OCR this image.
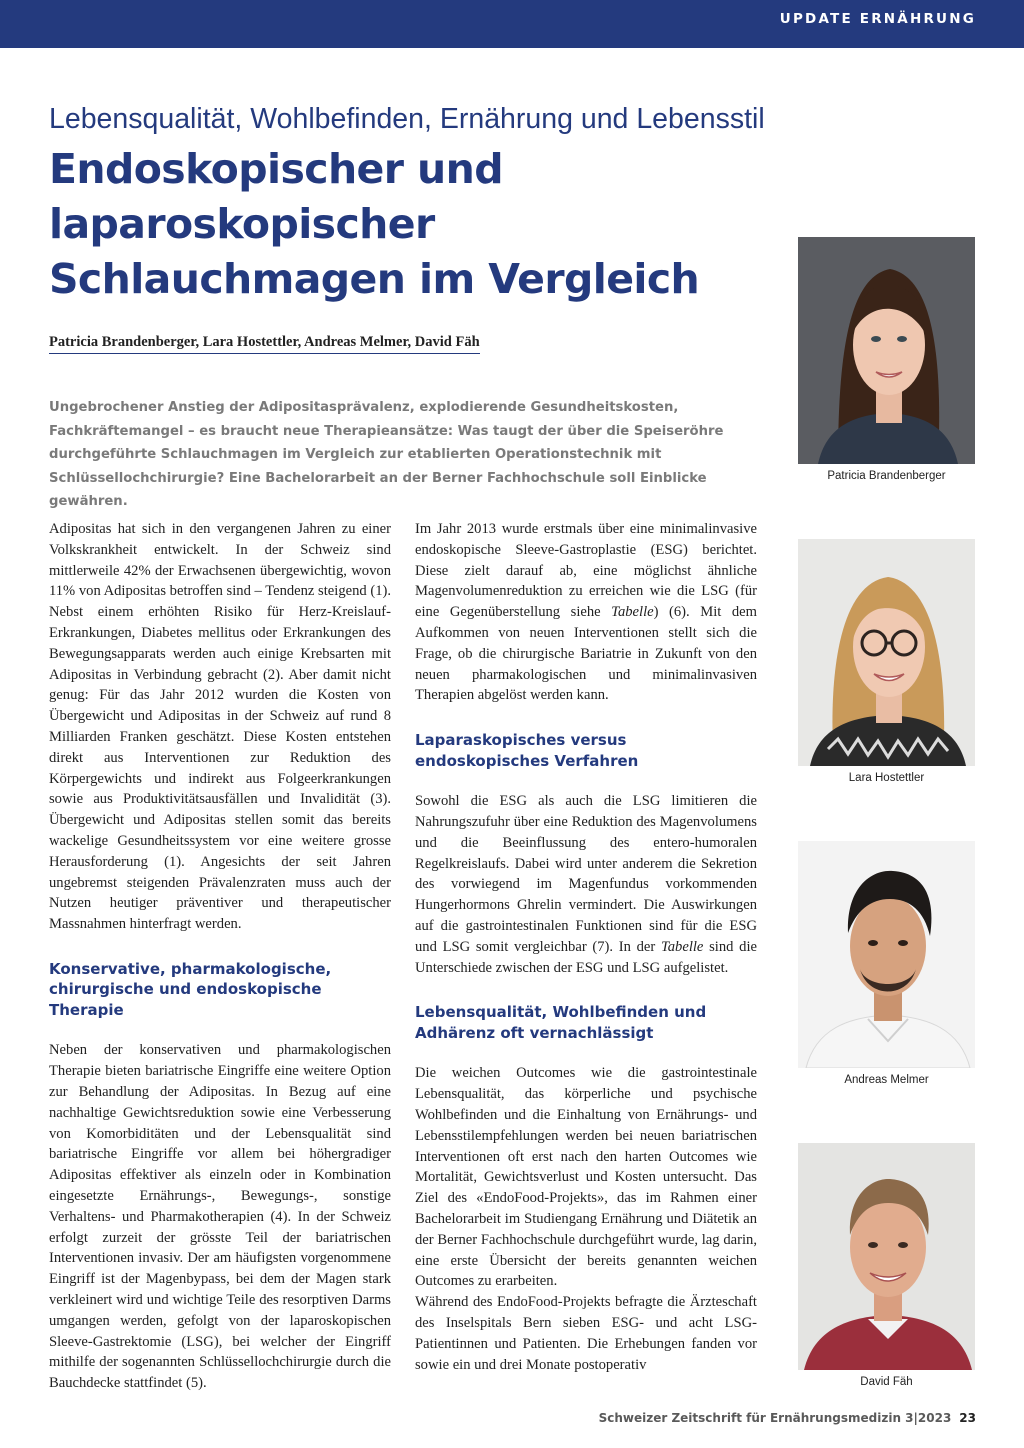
UPDATE ERNÄHRUNG
Lebensqualität, Wohlbefinden, Ernährung und Lebensstil
Endoskopischer und laparoskopischer
Schlauchmagen im Vergleich
Patricia Brandenberger, Lara Hostettler, Andreas Melmer, David Fäh

Ungebrochener Anstieg der Adipositasprävalenz, explodierende Gesundheitskosten, Fachkräftemangel – es braucht neue Therapieansätze: Was taugt der über die Speiseröhre durchgeführte Schlauchmagen im Vergleich zur etablierten Operationstechnik mit Schlüssellochchirurgie? Eine Bachelorarbeit an der Berner Fachhochschule soll Einblicke gewähren.

Adipositas hat sich in den vergangenen Jahren zu einer Volkskrankheit entwickelt. In der Schweiz sind mittlerweile 42% der Erwachsenen übergewichtig, wovon 11% von Adipositas betroffen sind – Tendenz steigend (1). Nebst einem erhöhten Risiko für Herz-Kreislauf-Erkrankungen, Diabetes mellitus oder Erkrankungen des Bewegungsapparats werden auch einige Krebsarten mit Adipositas in Verbindung gebracht (2). Aber damit nicht genug: Für das Jahr 2012 wurden die Kosten von Übergewicht und Adipositas in der Schweiz auf rund 8 Milliarden Franken geschätzt. Diese Kosten entstehen direkt aus Interventionen zur Reduktion des Körpergewichts und indirekt aus Folgeerkrankungen sowie aus Produktivitätsausfällen und Invalidität (3). Übergewicht und Adipositas stellen somit das bereits wackelige Gesundheitssystem vor eine weitere grosse Herausforderung (1). Angesichts der seit Jahren ungebremst steigenden Prävalenzraten muss auch der Nutzen heutiger präventiver und therapeutischer Massnahmen hinterfragt werden.

Konservative, pharmakologische, chirurgische und endoskopische Therapie

Neben der konservativen und pharmakologischen Therapie bieten bariatrische Eingriffe eine weitere Option zur Behandlung der Adipositas. In Bezug auf eine nachhaltige Gewichtsreduktion sowie eine Verbesserung von Komorbiditäten und der Lebensqualität sind bariatrische Eingriffe vor allem bei höhergradiger Adipositas effektiver als einzeln oder in Kombination eingesetzte Ernährungs-, Bewegungs-, sonstige Verhaltens- und Pharmakotherapien (4). In der Schweiz erfolgt zurzeit der grösste Teil der bariatrischen Interventionen invasiv. Der am häufigsten vorgenommene Eingriff ist der Magenbypass, bei dem der Magen stark verkleinert wird und wichtige Teile des resorptiven Darms umgangen werden, gefolgt von der laparoskopischen Sleeve-Gastrektomie (LSG), bei welcher der Eingriff mithilfe der sogenannten Schlüssellochchirurgie durch die Bauchdecke stattfindet (5).

Im Jahr 2013 wurde erstmals über eine minimalinvasive endoskopische Sleeve-Gastroplastie (ESG) berichtet. Diese zielt darauf ab, eine möglichst ähnliche Magenvolumenreduktion zu erreichen wie die LSG (für eine Gegenüberstellung siehe Tabelle) (6). Mit dem Aufkommen von neuen Interventionen stellt sich die Frage, ob die chirurgische Bariatrie in Zukunft von den neuen pharmakologischen und minimalinvasiven Therapien abgelöst werden kann.

Laparaskopisches versus endoskopisches Verfahren

Sowohl die ESG als auch die LSG limitieren die Nahrungszufuhr über eine Reduktion des Magenvolumens und die Beeinflussung des entero-humoralen Regelkreislaufs. Dabei wird unter anderem die Sekretion des vorwiegend im Magenfundus vorkommenden Hungerhormons Ghrelin vermindert. Die Auswirkungen auf die gastrointestinalen Funktionen sind für die ESG und LSG somit vergleichbar (7). In der Tabelle sind die Unterschiede zwischen der ESG und LSG aufgelistet.

Lebensqualität, Wohlbefinden und Adhärenz oft vernachlässigt

Die weichen Outcomes wie die gastrointestinale Lebensqualität, das körperliche und psychische Wohlbefinden und die Einhaltung von Ernährungs- und Lebensstilempfehlungen werden bei neuen bariatrischen Interventionen oft erst nach den harten Outcomes wie Mortalität, Gewichtsverlust und Kosten untersucht. Das Ziel des «EndoFood-Projekts», das im Rahmen einer Bachelorarbeit im Studiengang Ernährung und Diätetik an der Berner Fachhochschule durchgeführt wurde, lag darin, eine erste Übersicht der bereits genannten weichen Outcomes zu erarbeiten.

Während des EndoFood-Projekts befragte die Ärzteschaft des Inselspitals Bern sieben ESG- und acht LSG-Patientinnen und Patienten. Die Erhebungen fanden vor sowie ein und drei Monate postoperativ

Patricia Brandenberger
Lara Hostettler
Andreas Melmer
David Fäh
Schweizer Zeitschrift für Ernährungsmedizin 3|2023 23
